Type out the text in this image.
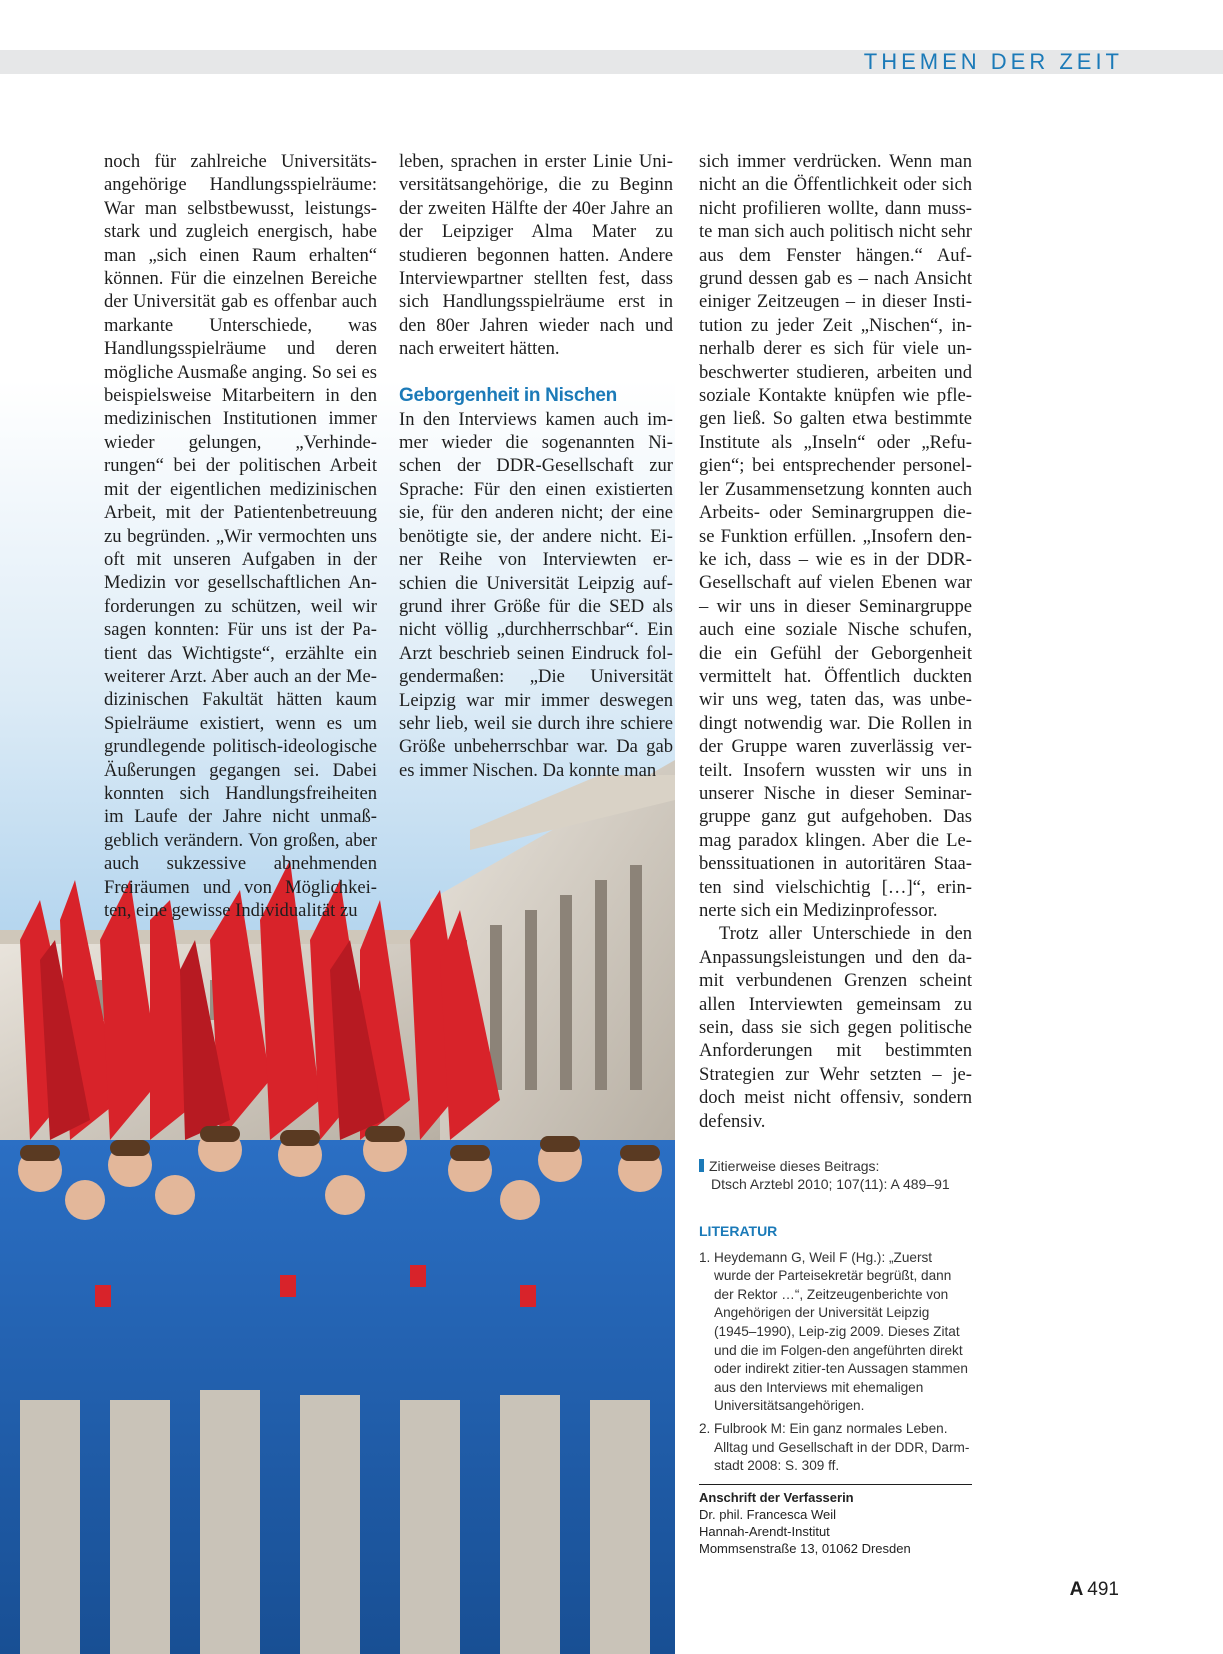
THEMEN DER ZEIT

noch für zahlreiche Universitäts-angehörige Handlungsspielräume: War man selbstbewusst, leistungs-stark und zugleich energisch, habe man „sich einen Raum erhalten“ können. Für die einzelnen Bereiche der Universität gab es offenbar auch markante Unterschiede, was Handlungsspielräume und deren mögliche Ausmaße anging. So sei es beispielsweise Mitarbeitern in den medizinischen Institutionen immer wieder gelungen, „Verhinde-rungen“ bei der politischen Arbeit mit der eigentlichen medizinischen Arbeit, mit der Patientenbetreuung zu begründen. „Wir vermochten uns oft mit unseren Aufgaben in der Medizin vor gesellschaftlichen An-forderungen zu schützen, weil wir sagen konnten: Für uns ist der Pa-tient das Wichtigste“, erzählte ein weiterer Arzt. Aber auch an der Me-dizinischen Fakultät hätten kaum Spielräume existiert, wenn es um grundlegende politisch-ideologische Äußerungen gegangen sei. Dabei konnten sich Handlungsfreiheiten im Laufe der Jahre nicht unmaß-geblich verändern. Von großen, aber auch sukzessive abnehmenden Freiräumen und von Möglichkei-ten, eine gewisse Individualität zu

leben, sprachen in erster Linie Uni-versitätsangehörige, die zu Beginn der zweiten Hälfte der 40er Jahre an der Leipziger Alma Mater zu studieren begonnen hatten. Andere Interviewpartner stellten fest, dass sich Handlungsspielräume erst in den 80er Jahren wieder nach und nach erweitert hätten.

Geborgenheit in Nischen

In den Interviews kamen auch im-mer wieder die sogenannten Ni-schen der DDR-Gesellschaft zur Sprache: Für den einen existierten sie, für den anderen nicht; der eine benötigte sie, der andere nicht. Ei-ner Reihe von Interviewten er-schien die Universität Leipzig auf-grund ihrer Größe für die SED als nicht völlig „durchherrschbar“. Ein Arzt beschrieb seinen Eindruck fol-gendermaßen: „Die Universität Leipzig war mir immer deswegen sehr lieb, weil sie durch ihre schiere Größe unbeherrschbar war. Da gab es immer Nischen. Da konnte man

sich immer verdrücken. Wenn man nicht an die Öffentlichkeit oder sich nicht profilieren wollte, dann muss-te man sich auch politisch nicht sehr aus dem Fenster hängen.“ Auf-grund dessen gab es – nach Ansicht einiger Zeitzeugen – in dieser Insti-tution zu jeder Zeit „Nischen“, in-nerhalb derer es sich für viele un-beschwerter studieren, arbeiten und soziale Kontakte knüpfen wie pfle-gen ließ. So galten etwa bestimmte Institute als „Inseln“ oder „Refu-gien“; bei entsprechender personel-ler Zusammensetzung konnten auch Arbeits- oder Seminargruppen die-se Funktion erfüllen. „Insofern den-ke ich, dass – wie es in der DDR-Gesellschaft auf vielen Ebenen war – wir uns in dieser Seminargruppe auch eine soziale Nische schufen, die ein Gefühl der Geborgenheit vermittelt hat. Öffentlich duckten wir uns weg, taten das, was unbe-dingt notwendig war. Die Rollen in der Gruppe waren zuverlässig ver-teilt. Insofern wussten wir uns in unserer Nische in dieser Seminar-gruppe ganz gut aufgehoben. Das mag paradox klingen. Aber die Le-benssituationen in autoritären Staa-ten sind vielschichtig […]“, erin-nerte sich ein Medizinprofessor.

Trotz aller Unterschiede in den Anpassungsleistungen und den da-mit verbundenen Grenzen scheint allen Interviewten gemeinsam zu sein, dass sie sich gegen politische Anforderungen mit bestimmten Strategien zur Wehr setzten – je-doch meist nicht offensiv, sondern defensiv.

Zitierweise dieses Beitrags:
Dtsch Arztebl 2010; 107(11): A 489–91
LITERATUR
1. Heydemann G, Weil F (Hg.): „Zuerst wurde der Parteisekretär begrüßt, dann der Rektor …“, Zeitzeugenberichte von Angehörigen der Universität Leipzig (1945–1990), Leip-zig 2009. Dieses Zitat und die im Folgen-den angeführten direkt oder indirekt zitier-ten Aussagen stammen aus den Interviews mit ehemaligen Universitätsangehörigen.
2. Fulbrook M: Ein ganz normales Leben. Alltag und Gesellschaft in der DDR, Darm-stadt 2008: S. 309 ff.
Anschrift der Verfasserin
Dr. phil. Francesca Weil
Hannah-Arendt-Institut
Mommsenstraße 13, 01062 Dresden
A 491
